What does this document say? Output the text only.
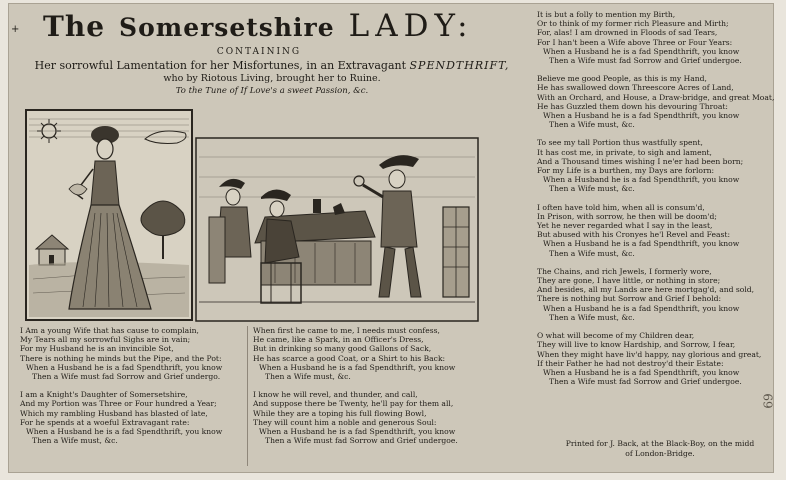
+ The Somersetshire LADY:
CONTAINING
Her sorrowful Lamentation for her Misfortunes, in an Extravagant SPENDTHRIFT,
who by Riotous Living, brought her to Ruine.
To the Tune of If Love's a sweet Passion, &c.
I Am a young Wife that has cause to complain,
My Tears all my sorrowful Sighs are in vain;
For my Husband he is an invincible Sot,
There is nothing he minds but the Pipe, and the Pot:
When a Husband he is a fad Spendthrift, you know
Then a Wife must fad Sorrow and Grief undergo.
I am a Knight's Daughter of Somersetshire,
And my Portion was Three or Four hundred a Year;
Which my rambling Husband has blasted of late,
For he spends at a woeful Extravagant rate:
When a Husband he is a fad Spendthrift, you know
Then a Wife must, &c.
When first he came to me, I needs must confess,
He came, like a Spark, in an Officer's Dress,
But in drinking so many good Gallons of Sack,
He has scarce a good Coat, or a Shirt to his Back:
When a Husband he is a fad Spendthrift, you know
Then a Wife must, &c.
I know he will revel, and thunder, and call,
And suppose there be Twenty, he'll pay for them all,
While they are a toping his full flowing Bowl,
They will count him a noble and generous Soul:
When a Husband he is a fad Spendthrift, you know
Then a Wife must fad Sorrow and Grief undergoe.
It is but a folly to mention my Birth,
Or to think of my former rich Pleasure and Mirth;
For, alas! I am drowned in Floods of sad Tears,
For I han't been a Wife above Three or Four Years:
When a Husband he is a fad Spendthrift, you know
Then a Wife must fad Sorrow and Grief undergoe.
Believe me good People, as this is my Hand,
He has swallowed down Threescore Acres of Land,
With an Orchard, and House, a Draw-bridge, and great Moat,
He has Guzzled them down his devouring Throat:
When a Husband he is a fad Spendthrift, you know
Then a Wife must, &c.
To see my tall Portion thus wastfully spent,
It has cost me, in private, to sigh and lament,
And a Thousand times wishing I ne'er had been born;
For my Life is a burthen, my Days are forlorn:
When a Husband he is a fad Spendthrift, you know
Then a Wife must, &c.
I often have told him, when all is consum'd,
In Prison, with sorrow, he then will be doom'd;
Yet he never regarded what I say in the least,
But abused with his Cronyes he'l Revel and Feast:
When a Husband he is a fad Spendthrift, you know
Then a Wife must, &c.
The Chains, and rich Jewels, I formerly wore,
They are gone, I have little, or nothing in store;
And besides, all my Lands are here mortgag'd, and sold,
There is nothing but Sorrow and Grief I behold:
When a Husband he is a fad Spendthrift, you know
Then a Wife must, &c.
O what will become of my Children dear,
They will live to know Hardship, and Sorrow, I fear,
When they might have liv'd happy, nay glorious and great,
If their Father he had not destroy'd their Estate:
When a Husband he is a fad Spendthrift, you know
Then a Wife must fad Sorrow and Grief undergoe.
Printed for J. Back, at the Black-Boy, on the midd
of London-Bridge.
69
